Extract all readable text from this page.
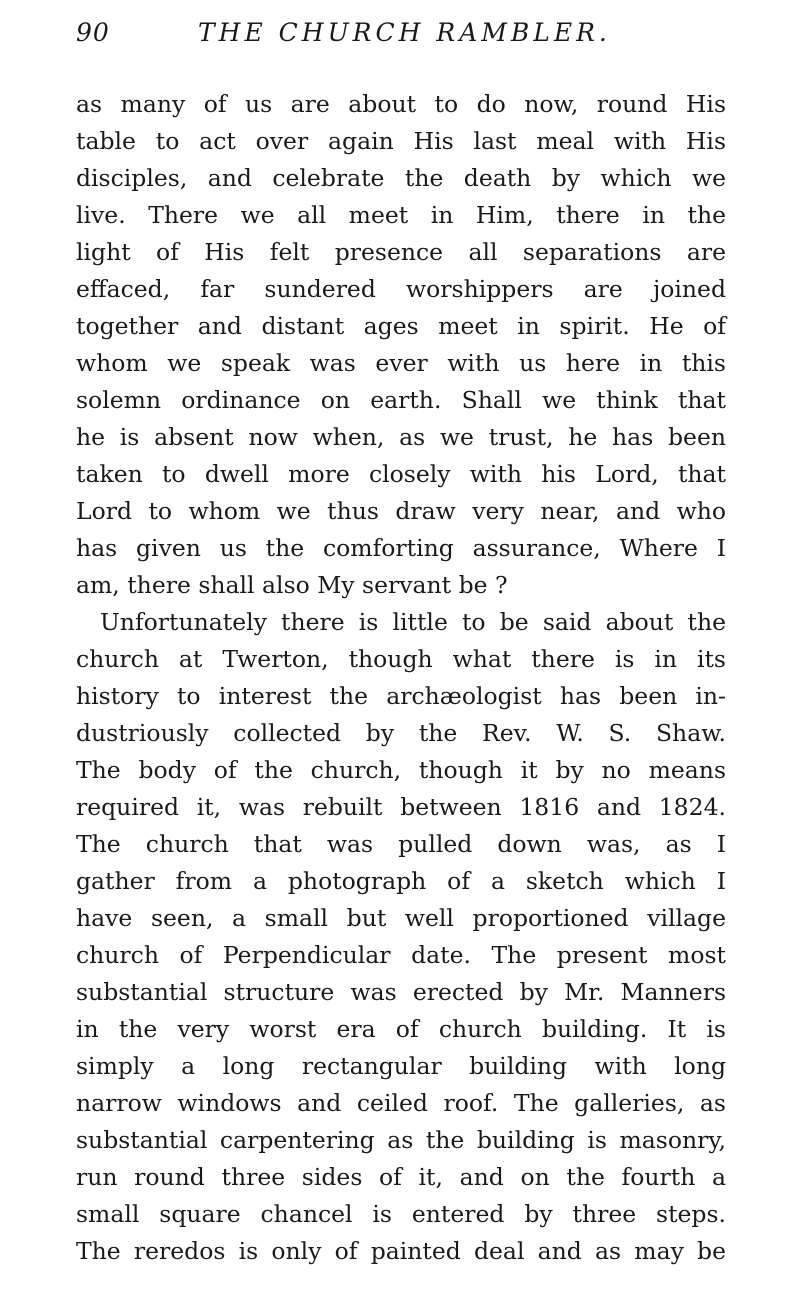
90	THE CHURCH RAMBLER.
as many of us are about to do now, round His
table to act over again His last meal with His
disciples, and celebrate the death by which we
live. There we all meet in Him, there in the
light of His felt presence all separations are
effaced, far sundered worshippers are joined
together and distant ages meet in spirit. He of
whom we speak was ever with us here in this
solemn ordinance on earth. Shall we think that
he is absent now when, as we trust, he has been
taken to dwell more closely with his Lord, that
Lord to whom we thus draw very near, and who
has given us the comforting assurance, Where I
am, there shall also My servant be ?
Unfortunately there is little to be said about the
church at Twerton, though what there is in its
history to interest the archæologist has been in-
dustriously collected by the Rev. W. S. Shaw.
The body of the church, though it by no means
required it, was rebuilt between 1816 and 1824.
The church that was pulled down was, as I
gather from a photograph of a sketch which I
have seen, a small but well proportioned village
church of Perpendicular date. The present most
substantial structure was erected by Mr. Manners
in the very worst era of church building. It is
simply a long rectangular building with long
narrow windows and ceiled roof. The galleries, as
substantial carpentering as the building is masonry,
run round three sides of it, and on the fourth a
small square chancel is entered by three steps.
The reredos is only of painted deal and as may be
